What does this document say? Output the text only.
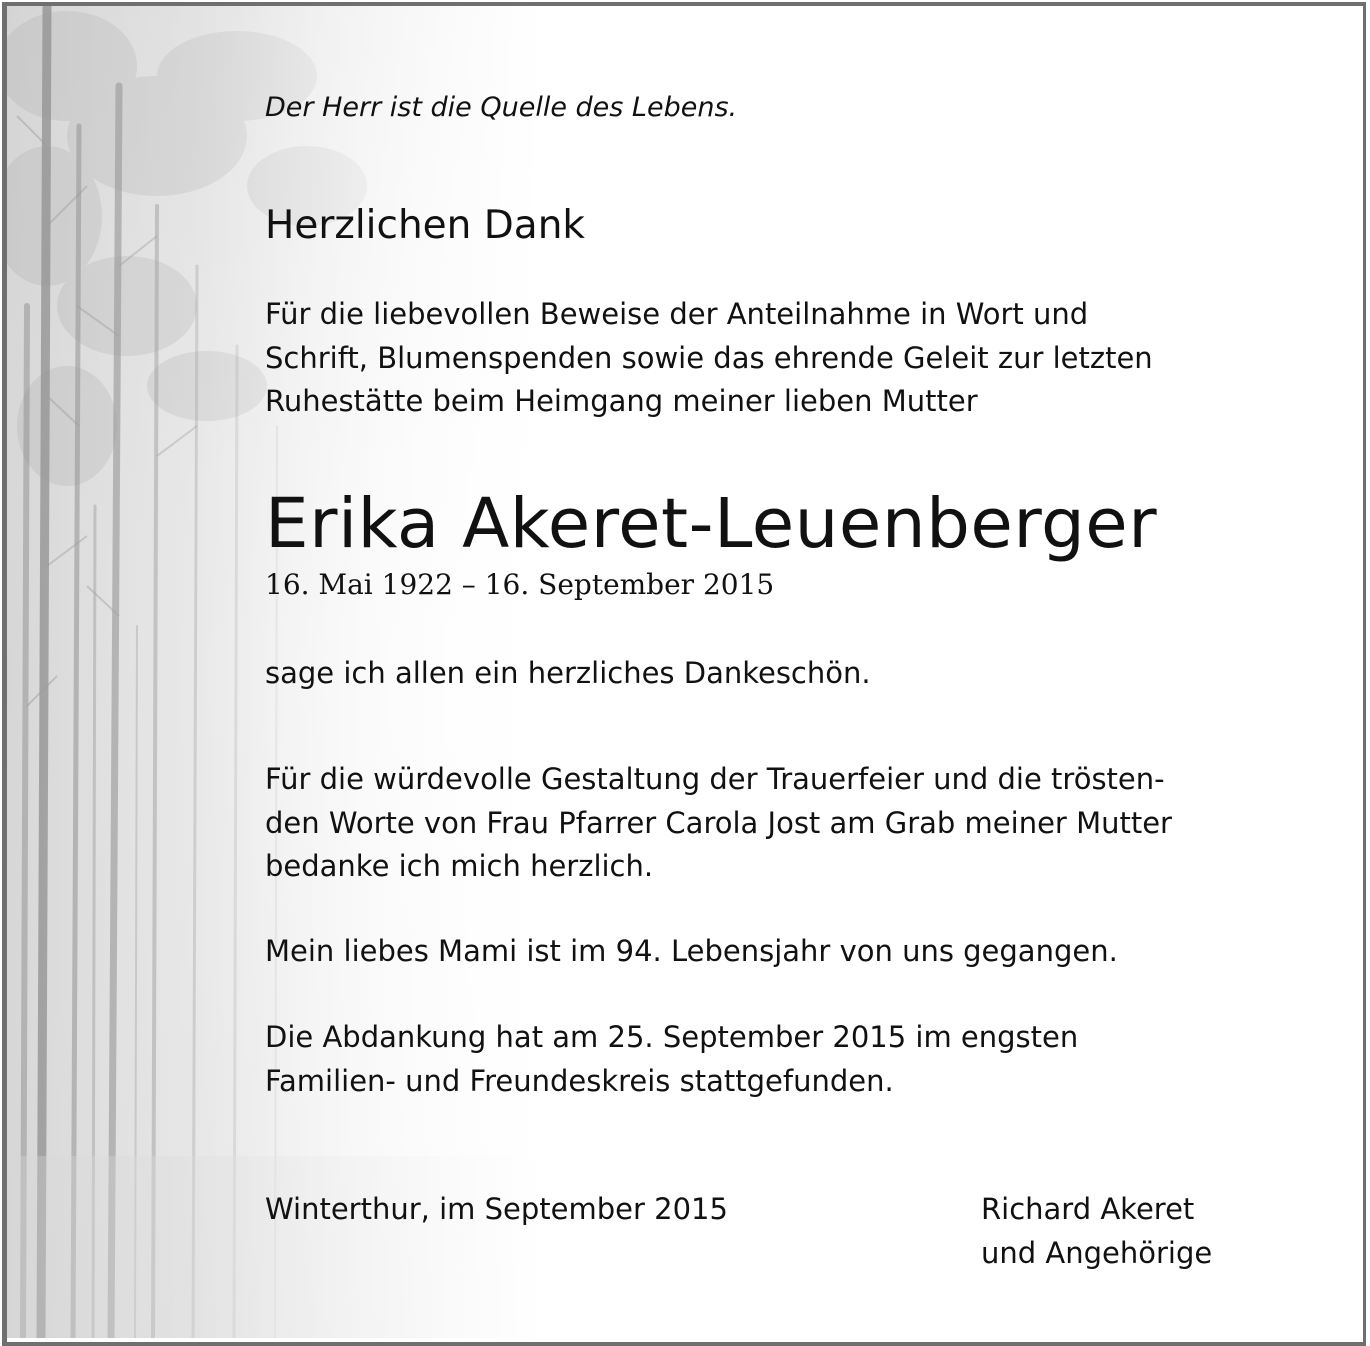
Der Herr ist die Quelle des Lebens.

Herzlichen Dank

Für die liebevollen Beweise der Anteilnahme in Wort und
Schrift, Blumenspenden sowie das ehrende Geleit zur letzten
Ruhestätte beim Heimgang meiner lieben Mutter

Erika Akeret-Leuenberger

16. Mai 1922 – 16. September 2015

sage ich allen ein herzliches Dankeschön.

Für die würdevolle Gestaltung der Trauerfeier und die trösten-
den Worte von Frau Pfarrer Carola Jost am Grab meiner Mutter
bedanke ich mich herzlich.

Mein liebes Mami ist im 94. Lebensjahr von uns gegangen.

Die Abdankung hat am 25. September 2015 im engsten
Familien- und Freundeskreis stattgefunden.

Winterthur, im September 2015	Richard Akeret
und Angehörige
